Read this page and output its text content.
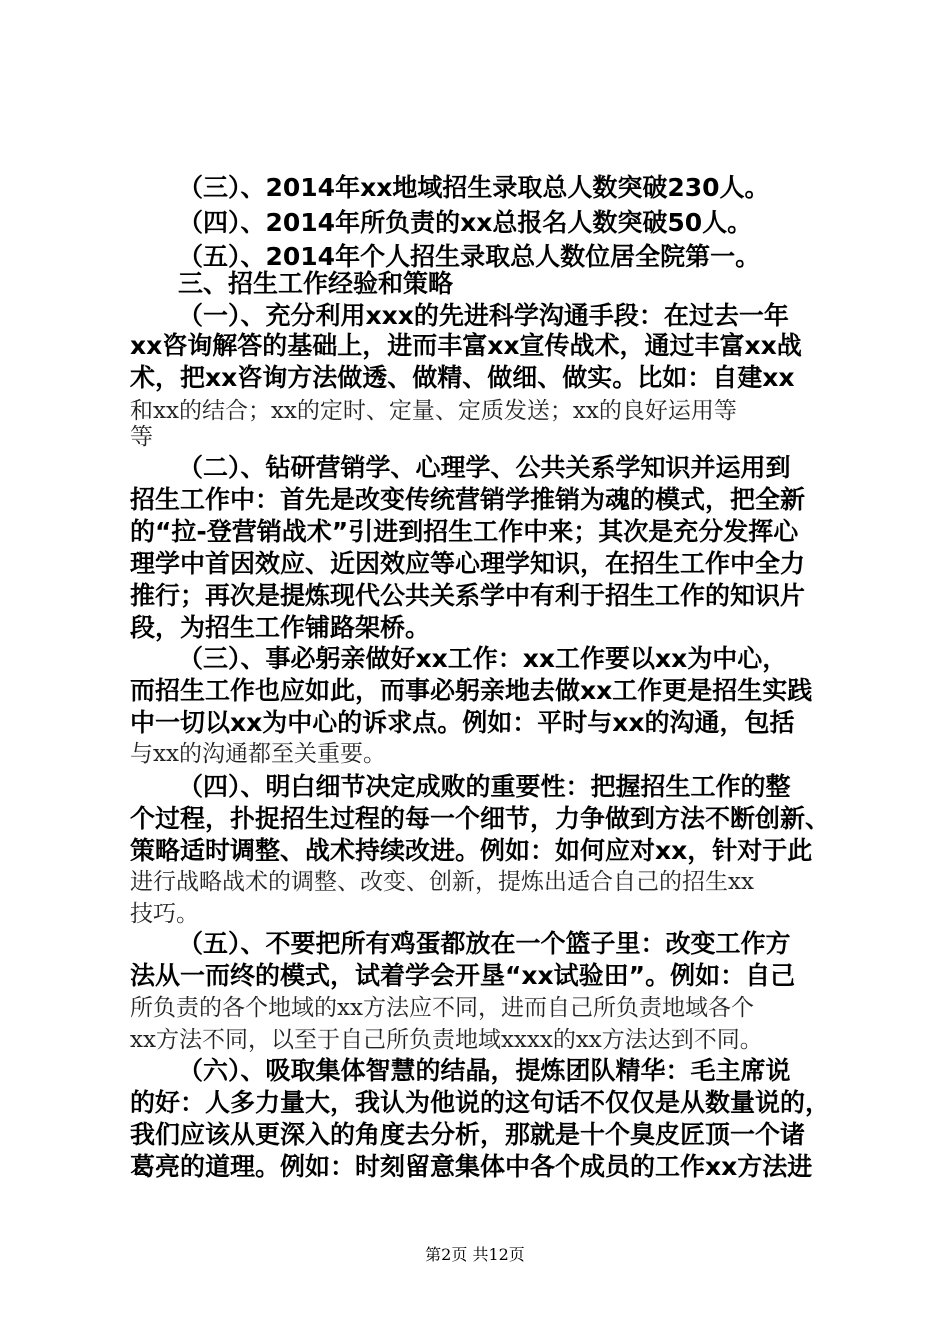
（三）、2014年xx地域招生录取总人数突破230人。
（四）、2014年所负责的xx总报名人数突破50人。
（五）、2014年个人招生录取总人数位居全院第一。
三、招生工作经验和策略
（一）、充分利用xxx的先进科学沟通手段：在过去一年
xx咨询解答的基础上，进而丰富xx宣传战术，通过丰富xx战
术，把xx咨询方法做透、做精、做细、做实。比如：自建xx
和xx的结合；xx的定时、定量、定质发送；xx的良好运用等
等
（二）、钻研营销学、心理学、公共关系学知识并运用到
招生工作中：首先是改变传统营销学推销为魂的模式，把全新
的“拉-登营销战术”引进到招生工作中来；其次是充分发挥心
理学中首因效应、近因效应等心理学知识，在招生工作中全力
推行；再次是提炼现代公共关系学中有利于招生工作的知识片
段，为招生工作铺路架桥。
（三）、事必躬亲做好xx工作：xx工作要以xx为中心，
而招生工作也应如此，而事必躬亲地去做xx工作更是招生实践
中一切以xx为中心的诉求点。例如：平时与xx的沟通，包括
与xx的沟通都至关重要。
（四）、明白细节决定成败的重要性：把握招生工作的整
个过程，扑捉招生过程的每一个细节，力争做到方法不断创新、
策略适时调整、战术持续改进。例如：如何应对xx，针对于此
进行战略战术的调整、改变、创新，提炼出适合自己的招生xx
技巧。
（五）、不要把所有鸡蛋都放在一个篮子里：改变工作方
法从一而终的模式，试着学会开垦“xx试验田”。例如：自己
所负责的各个地域的xx方法应不同，进而自己所负责地域各个
xx方法不同，以至于自己所负责地域xxxx的xx方法达到不同。
（六）、吸取集体智慧的结晶，提炼团队精华：毛主席说
的好：人多力量大，我认为他说的这句话不仅仅是从数量说的，
我们应该从更深入的角度去分析，那就是十个臭皮匠顶一个诸
葛亮的道理。例如：时刻留意集体中各个成员的工作xx方法进
第2页 共12页
